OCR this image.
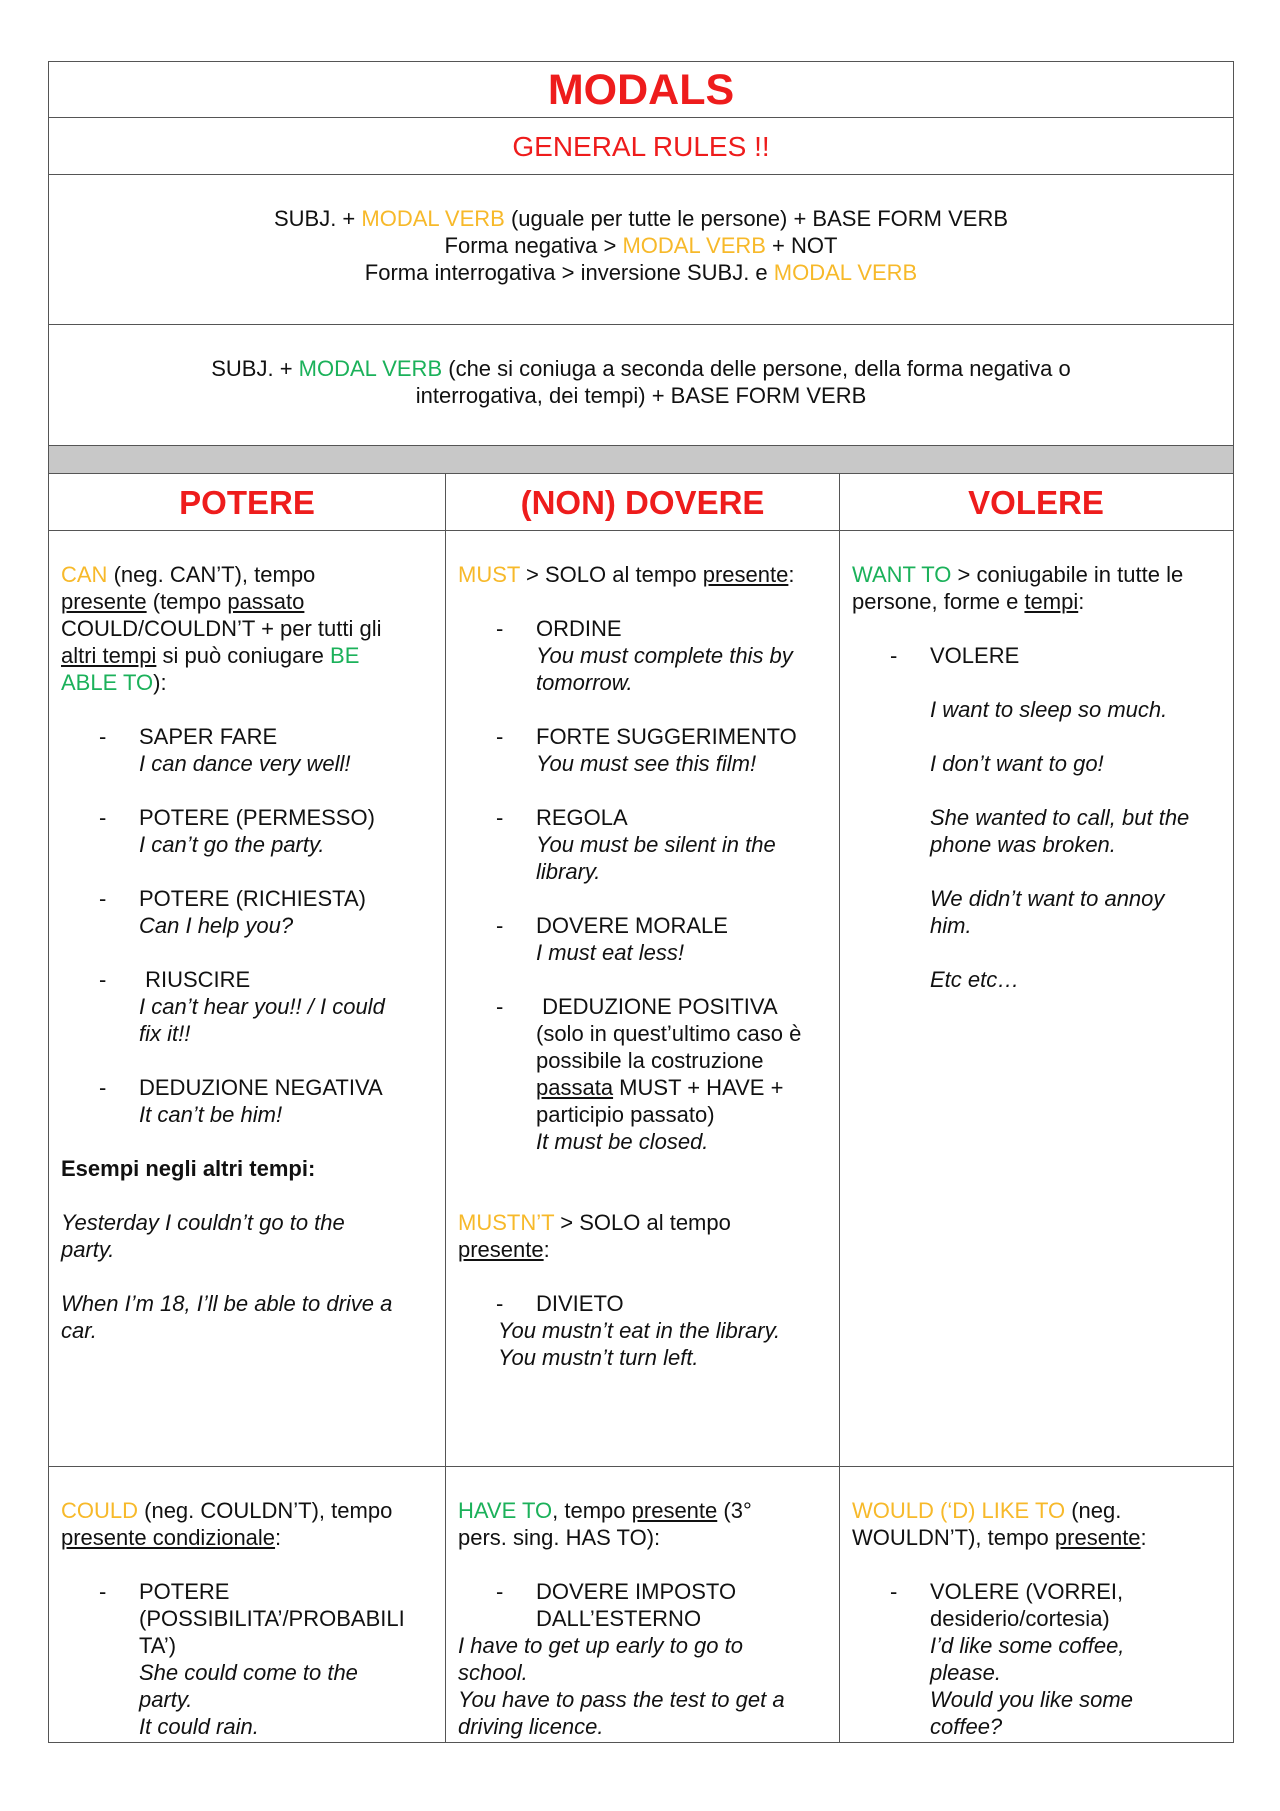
MODALS
GENERAL RULES !!

SUBJ. + MODAL VERB (uguale per tutte le persone) + BASE FORM VERB

Forma negativa > MODAL VERB + NOT

Forma interrogativa > inversione SUBJ. e MODAL VERB

SUBJ. + MODAL VERB (che si coniuga a seconda delle persone, della forma negativa o

interrogativa, dei tempi) + BASE FORM VERB

POTERE	(NON) DOVERE	VOLERE

CAN (neg. CAN’T), tempo

presente (tempo passato

COULD/COULDN’T + per tutti gli

altri tempi si può coniugare BE

ABLE TO):

- SAPER FARE

I can dance very well!

- POTERE (PERMESSO)

I can’t go the party.

- POTERE (RICHIESTA)

Can I help you?

- RIUSCIRE

I can’t hear you!! / I could

fix it!!

- DEDUZIONE NEGATIVA

It can’t be him!

Esempi negli altri tempi:

Yesterday I couldn’t go to the

party.

When I’m 18, I’ll be able to drive a

car.

MUST > SOLO al tempo presente:

- ORDINE

You must complete this by

tomorrow.

- FORTE SUGGERIMENTO

You must see this film!

- REGOLA

You must be silent in the

library.

- DOVERE MORALE

I must eat less!

- DEDUZIONE POSITIVA

(solo in quest’ultimo caso è

possibile la costruzione

passata MUST + HAVE +

participio passato)

It must be closed.

MUSTN’T > SOLO al tempo

presente:

- DIVIETO

You mustn’t eat in the library.

You mustn’t turn left.

WANT TO > coniugabile in tutte le

persone, forme e tempi:

- VOLERE

I want to sleep so much.

I don’t want to go!

She wanted to call, but the

phone was broken.

We didn’t want to annoy

him.

Etc etc…

COULD (neg. COULDN’T), tempo

presente condizionale:

- POTERE

(POSSIBILITA’/PROBABILI

TA’)

She could come to the

party.

It could rain.

HAVE TO, tempo presente (3°

pers. sing. HAS TO):

- DOVERE IMPOSTO

DALL’ESTERNO

I have to get up early to go to

school.

You have to pass the test to get a

driving licence.

WOULD (‘D) LIKE TO (neg.

WOULDN’T), tempo presente:

- VOLERE (VORREI,

desiderio/cortesia)

I’d like some coffee,

please.

Would you like some

coffee?
